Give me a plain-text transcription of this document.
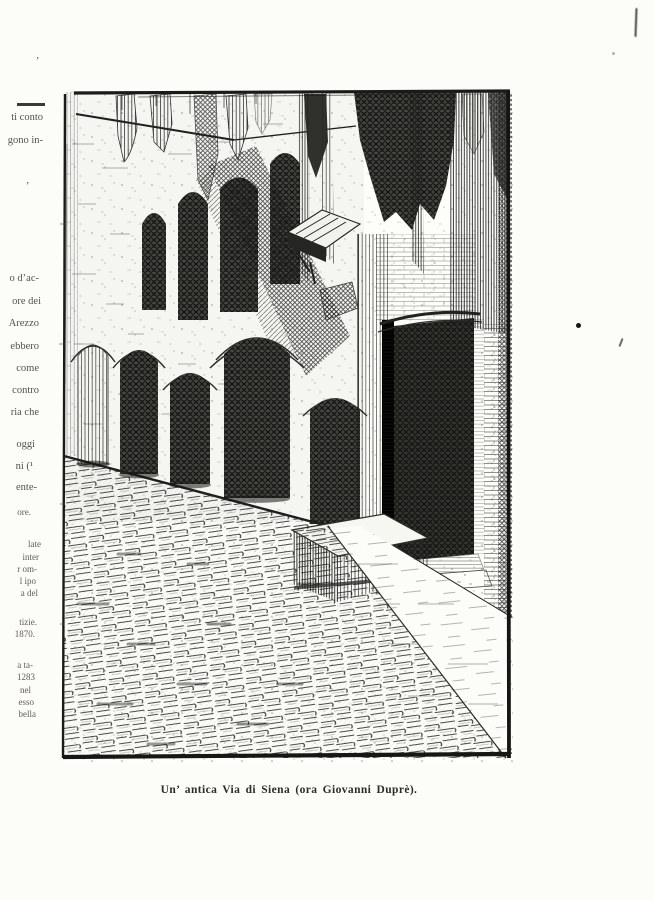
,
ti conto
gono in-
,
o d’ac-
ore dei
Arezzo
ebbero
come
contro
ria che
oggi
ni (¹
ente-
ore.
late
inter
r om-
l ipo
a del
tizie.
1870.
a ta-
1283
nel
esso
bella
Un’ antica Via di Siena (ora Giovanni Duprè).
